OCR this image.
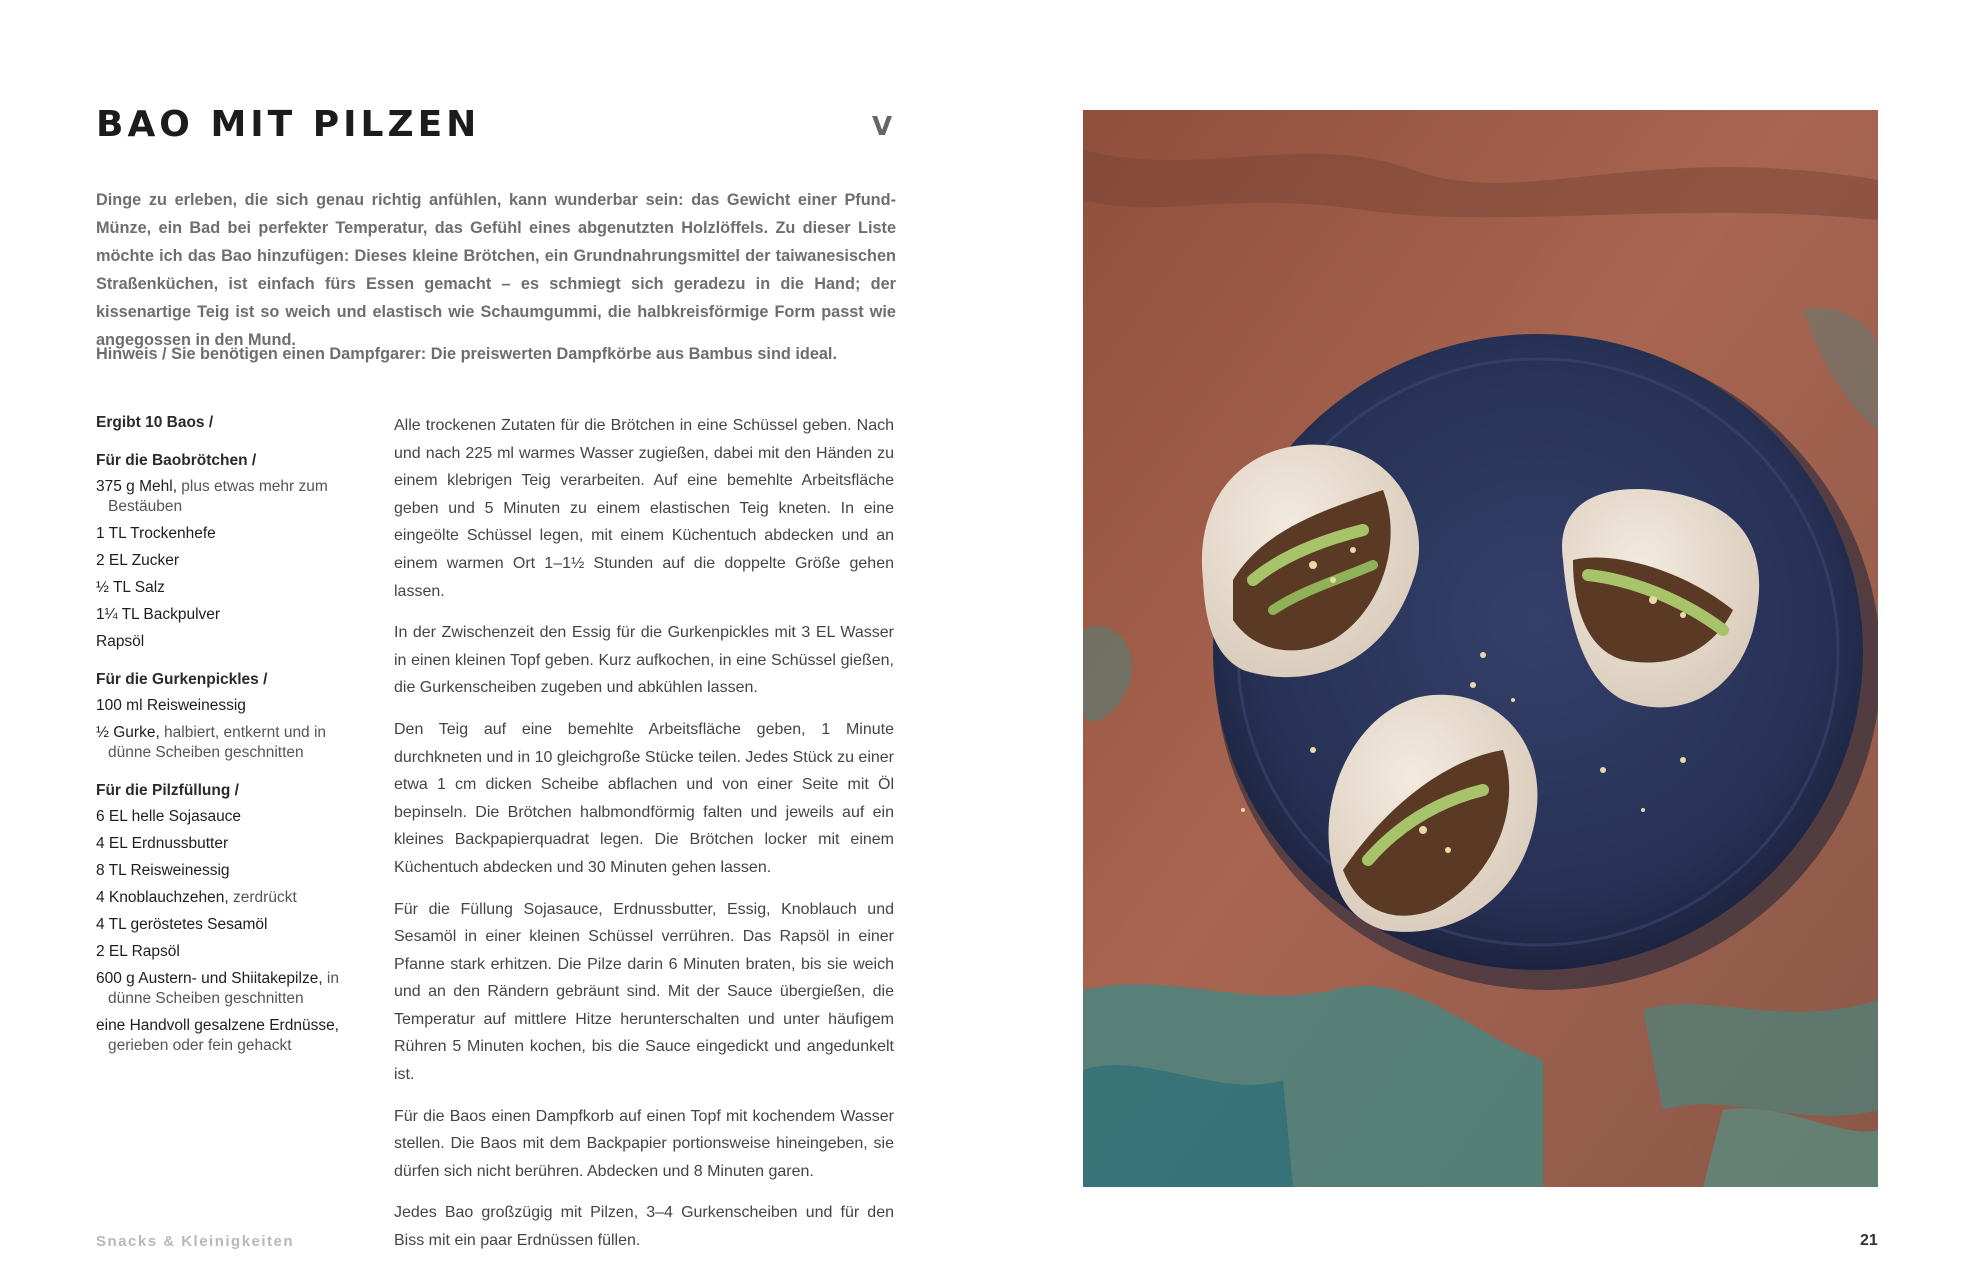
BAO MIT PILZEN	V

Dinge zu erleben, die sich genau richtig anfühlen, kann wunderbar sein: das Gewicht einer Pfund-Münze, ein Bad bei perfekter Temperatur, das Gefühl eines abgenutzten Holzlöffels. Zu dieser Liste möchte ich das Bao hinzufügen: Dieses kleine Brötchen, ein Grundnahrungsmittel der taiwanesischen Straßenküchen, ist einfach fürs Essen gemacht – es schmiegt sich geradezu in die Hand; der kissenartige Teig ist so weich und elastisch wie Schaumgummi, die halbkreisförmige Form passt wie angegossen in den Mund.

Hinweis / Sie benötigen einen Dampfgarer: Die preiswerten Dampfkörbe aus Bambus sind ideal.

Ergibt 10 Baos /

Für die Baobrötchen /

375 g Mehl, plus etwas mehr zum Bestäuben

1 TL Trockenhefe

2 EL Zucker

½ TL Salz

1¼ TL Backpulver

Rapsöl

Für die Gurkenpickles /

100 ml Reisweinessig

½ Gurke, halbiert, entkernt und in dünne Scheiben geschnitten

Für die Pilzfüllung /

6 EL helle Sojasauce

4 EL Erdnussbutter

8 TL Reisweinessig

4 Knoblauchzehen, zerdrückt

4 TL geröstetes Sesamöl

2 EL Rapsöl

600 g Austern- und Shiitakepilze, in dünne Scheiben geschnitten

eine Handvoll gesalzene Erdnüsse, gerieben oder fein gehackt

Alle trockenen Zutaten für die Brötchen in eine Schüssel geben. Nach und nach 225 ml warmes Wasser zugießen, dabei mit den Händen zu einem klebrigen Teig verarbeiten. Auf eine bemehlte Arbeitsfläche geben und 5 Minuten zu einem elastischen Teig kneten. In eine eingeölte Schüssel legen, mit einem Küchentuch abdecken und an einem warmen Ort 1–1½ Stunden auf die doppelte Größe gehen lassen.

In der Zwischenzeit den Essig für die Gurkenpickles mit 3 EL Wasser in einen kleinen Topf geben. Kurz aufkochen, in eine Schüssel gießen, die Gurkenscheiben zugeben und abkühlen lassen.

Den Teig auf eine bemehlte Arbeitsfläche geben, 1 Minute durchkneten und in 10 gleichgroße Stücke teilen. Jedes Stück zu einer etwa 1 cm dicken Scheibe abflachen und von einer Seite mit Öl bepinseln. Die Brötchen halbmondförmig falten und jeweils auf ein kleines Backpapierquadrat legen. Die Brötchen locker mit einem Küchentuch abdecken und 30 Minuten gehen lassen.

Für die Füllung Sojasauce, Erdnussbutter, Essig, Knoblauch und Sesamöl in einer kleinen Schüssel verrühren. Das Rapsöl in einer Pfanne stark erhitzen. Die Pilze darin 6 Minuten braten, bis sie weich und an den Rändern gebräunt sind. Mit der Sauce übergießen, die Temperatur auf mittlere Hitze herunterschalten und unter häufigem Rühren 5 Minuten kochen, bis die Sauce eingedickt und angedunkelt ist.

Für die Baos einen Dampfkorb auf einen Topf mit kochendem Wasser stellen. Die Baos mit dem Backpapier portionsweise hineingeben, sie dürfen sich nicht berühren. Abdecken und 8 Minuten garen.

Jedes Bao großzügig mit Pilzen, 3–4 Gurkenscheiben und für den Biss mit ein paar Erdnüssen füllen.

Snacks & Kleinigkeiten	21
